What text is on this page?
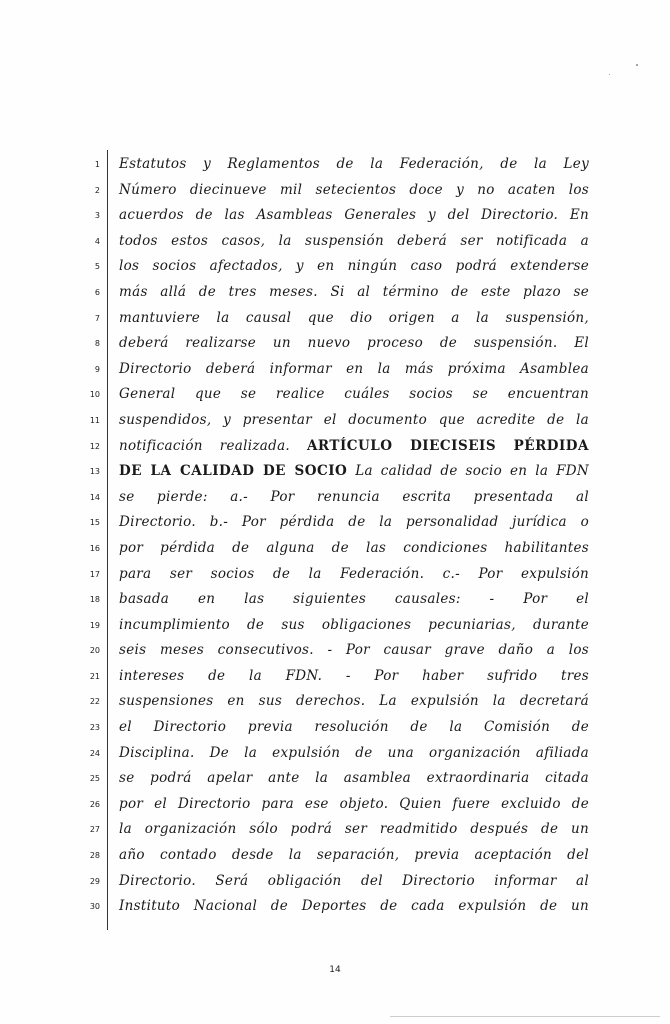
1
2
3
4
5
6
7
8
9
10
11
12
13
14
15
16
17
18
19
20
21
22
23
24
25
26
27
28
29
30
Estatutos y Reglamentos de la Federación, de la Ley
Número diecinueve mil setecientos doce y no acaten los
acuerdos de las Asambleas Generales y del Directorio. En
todos estos casos, la suspensión deberá ser notificada a
los socios afectados, y en ningún caso podrá extenderse
más allá de tres meses. Si al término de este plazo se
mantuviere la causal que dio origen a la suspensión,
deberá realizarse un nuevo proceso de suspensión. El
Directorio deberá informar en la más próxima Asamblea
General que se realice cuáles socios se encuentran
suspendidos, y presentar el documento que acredite de la
notificación realizada. ARTÍCULO DIECISEIS PÉRDIDA
DE LA CALIDAD DE SOCIO La calidad de socio en la FDN
se pierde: a.- Por renuncia escrita presentada al
Directorio. b.- Por pérdida de la personalidad jurídica o
por pérdida de alguna de las condiciones habilitantes
para ser socios de la Federación. c.- Por expulsión
basada en las siguientes causales: - Por el
incumplimiento de sus obligaciones pecuniarias, durante
seis meses consecutivos. - Por causar grave daño a los
intereses de la FDN. - Por haber sufrido tres
suspensiones en sus derechos. La expulsión la decretará
el Directorio previa resolución de la Comisión de
Disciplina. De la expulsión de una organización afiliada
se podrá apelar ante la asamblea extraordinaria citada
por el Directorio para ese objeto. Quien fuere excluido de
la organización sólo podrá ser readmitido después de un
año contado desde la separación, previa aceptación del
Directorio. Será obligación del Directorio informar al
Instituto Nacional de Deportes de cada expulsión de un
14
